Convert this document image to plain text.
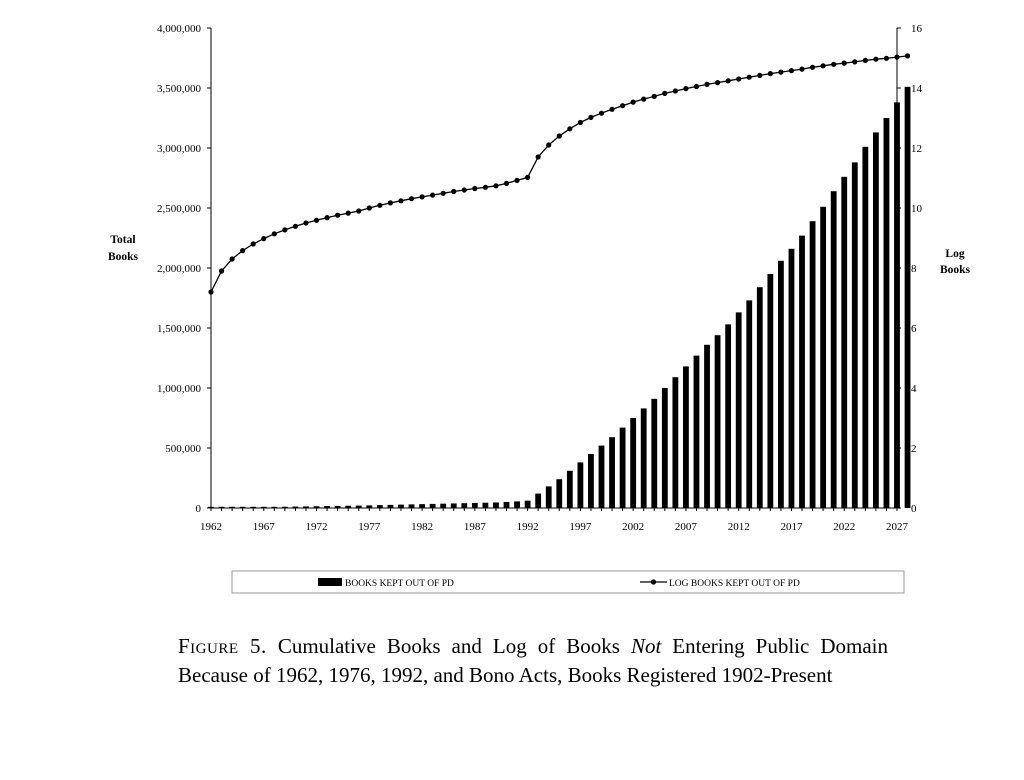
0
500,000
1,000,000
1,500,000
2,000,000
2,500,000
3,000,000
3,500,000
4,000,000
0
2
4
6
8
10
12
14
16
1962	1967	1972	1977	1982	1987	1992	1997	2002	2007	2012	2017	2022	2027
Total
Books	Log
Books
BOOKS KEPT OUT OF PD	LOG BOOKS KEPT OUT OF PD
Figure 5. Cumulative Books and Log of Books Not Entering Public Domain Because of 1962, 1976, 1992, and Bono Acts, Books Registered 1902-Present
